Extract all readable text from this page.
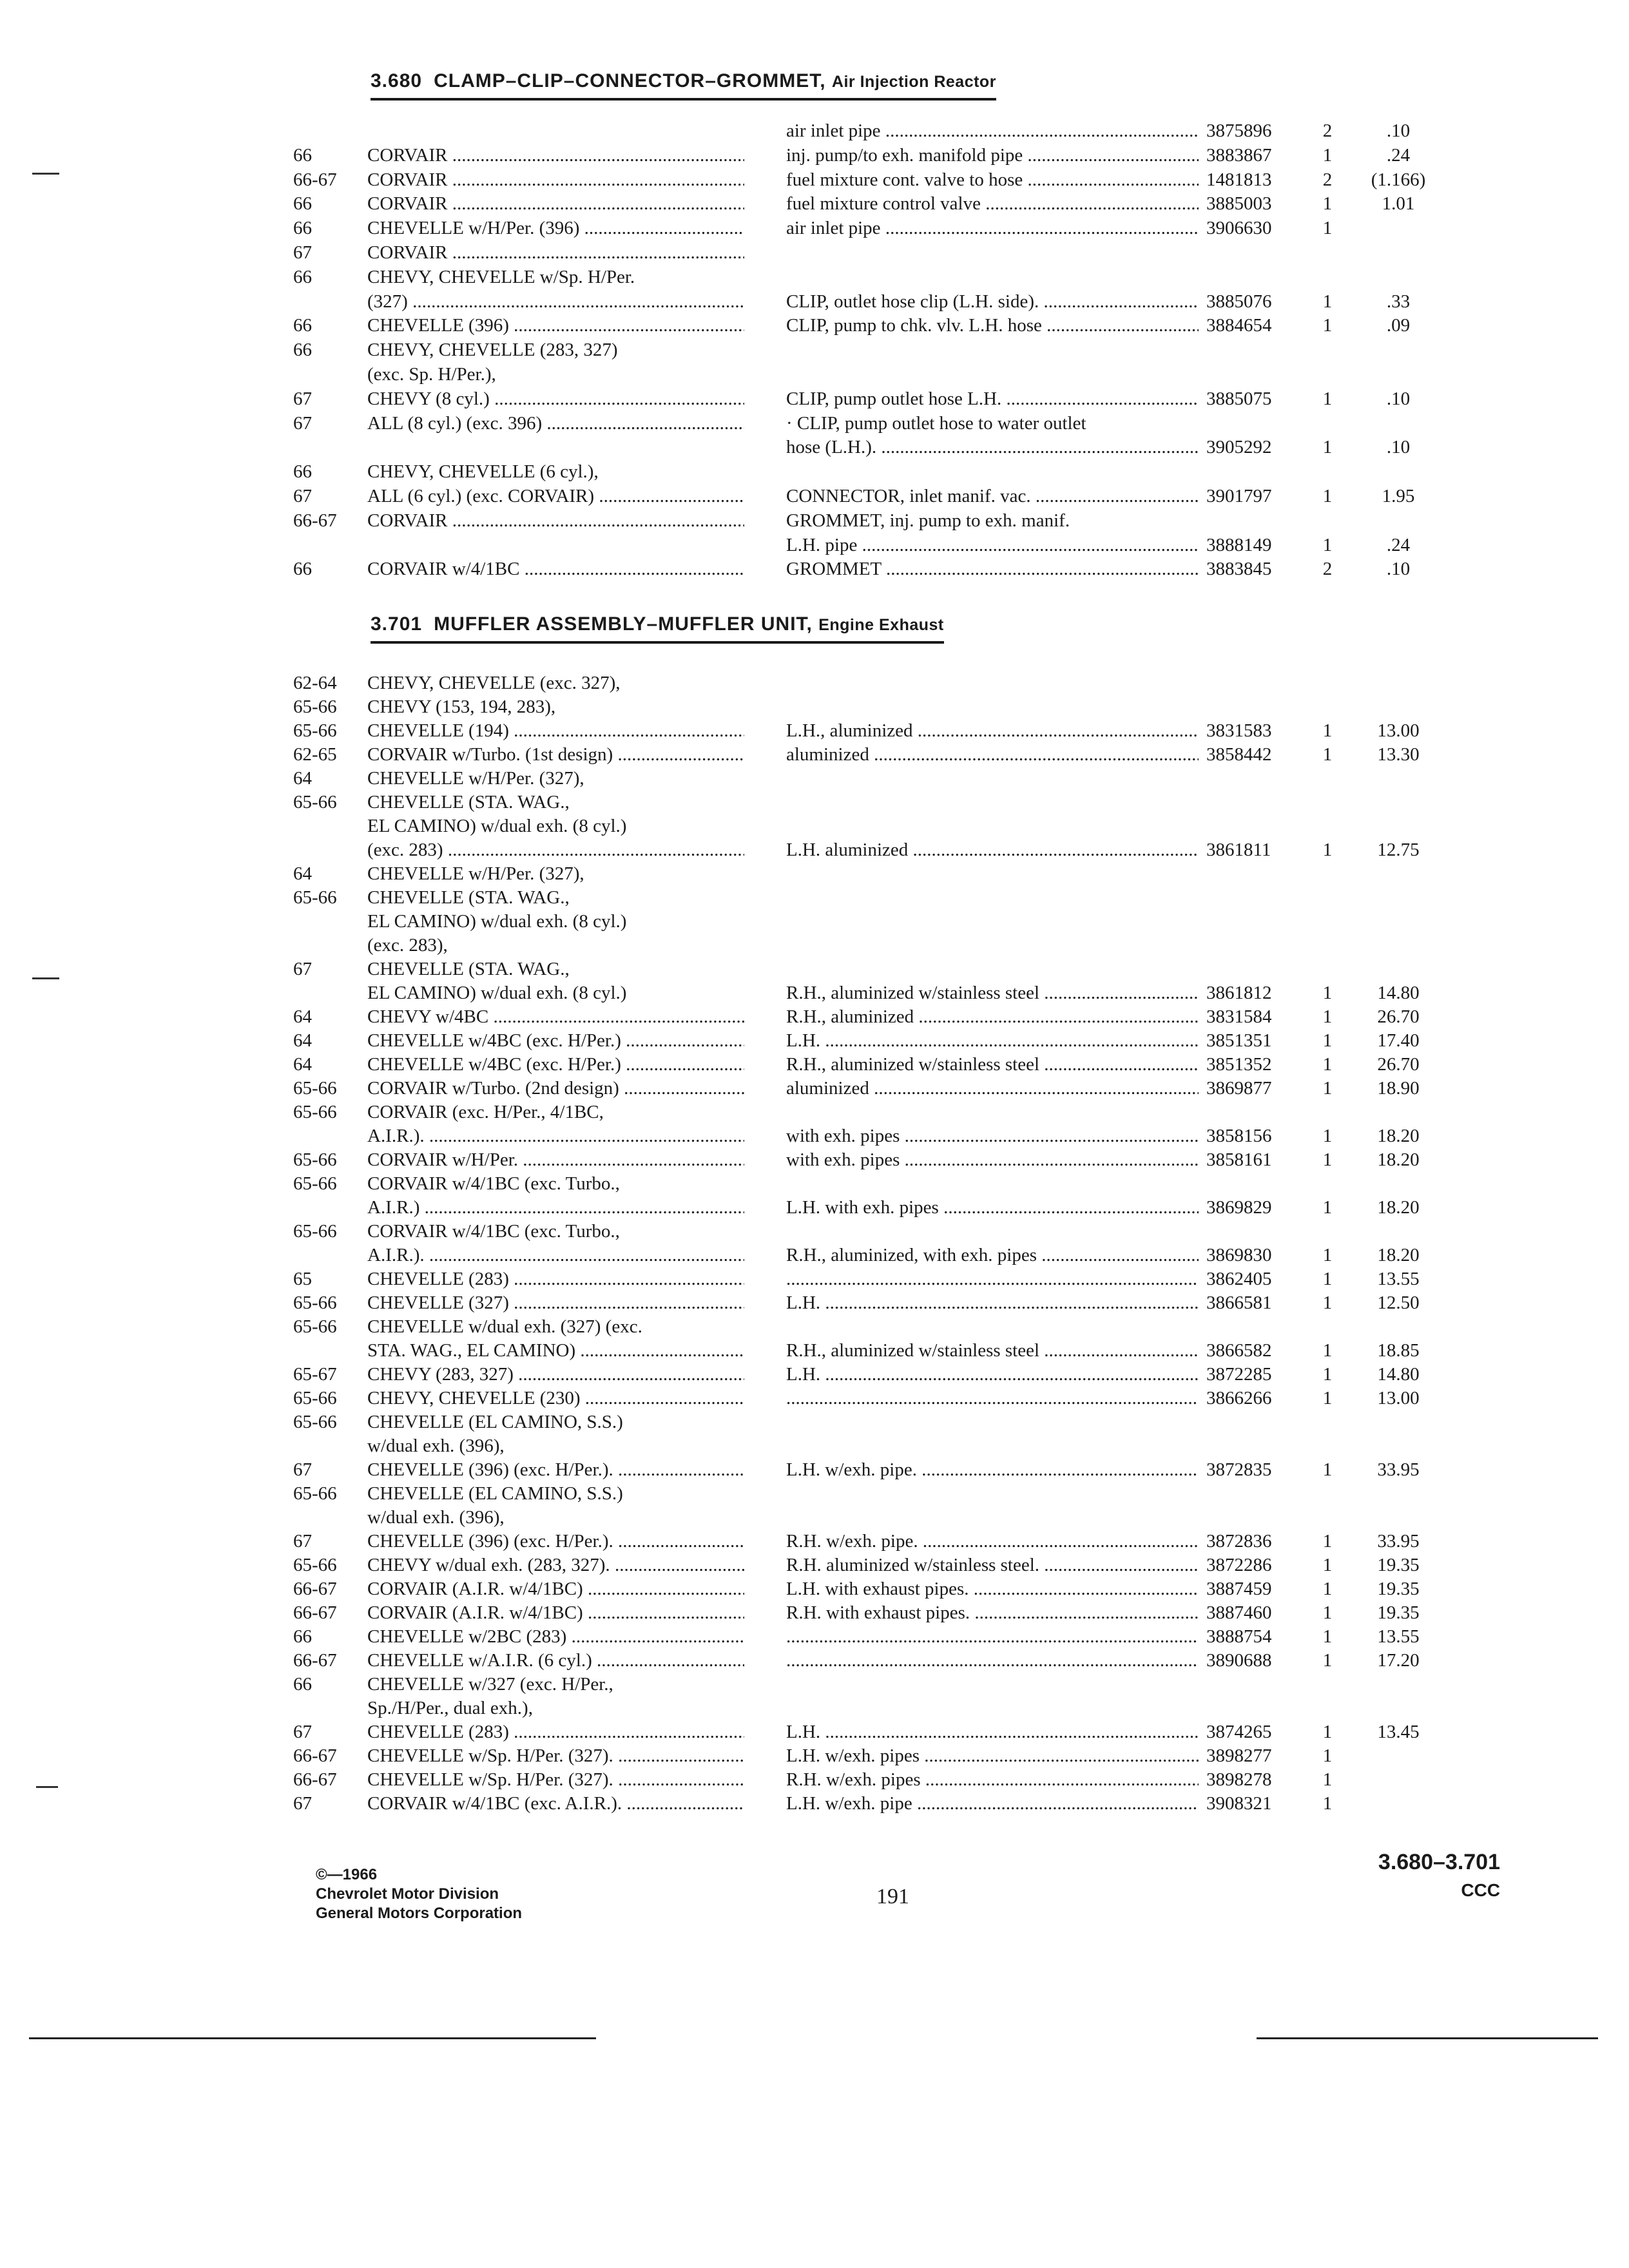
3.680 CLAMP–CLIP–CONNECTOR–GROMMET, Air Injection Reactor
air inlet pipe .....	3875896	2	.10
66	CORVAIR .....	inj. pump/to exh. manifold pipe .....	3883867	1	.24
66-67	CORVAIR .....	fuel mixture cont. valve to hose .....	1481813	2	(1.166)
66	CORVAIR .....	fuel mixture control valve .....	3885003	1	1.01
66	CHEVELLE w/H/Per. (396) .....	air inlet pipe .....	3906630	1
67	CORVAIR .....
66	CHEVY, CHEVELLE w/Sp. H/Per.
(327) .....	CLIP, outlet hose clip (L.H. side). .....	3885076	1	.33
66	CHEVELLE (396) .....	CLIP, pump to chk. vlv. L.H. hose .....	3884654	1	.09
66	CHEVY, CHEVELLE (283, 327)
(exc. Sp. H/Per.),
67	CHEVY (8 cyl.) .....	CLIP, pump outlet hose L.H. .....	3885075	1	.10
67	ALL (8 cyl.) (exc. 396) .....	· CLIP, pump outlet hose to water outlet
hose (L.H.). .....	3905292	1	.10
66	CHEVY, CHEVELLE (6 cyl.),
67	ALL (6 cyl.) (exc. CORVAIR) .....	CONNECTOR, inlet manif. vac. .....	3901797	1	1.95
66-67	CORVAIR .....	GROMMET, inj. pump to exh. manif.
L.H. pipe .....	3888149	1	.24
66	CORVAIR w/4/1BC .....	GROMMET .....	3883845	2	.10
3.701 MUFFLER ASSEMBLY–MUFFLER UNIT, Engine Exhaust
62-64	CHEVY, CHEVELLE (exc. 327),
65-66	CHEVY (153, 194, 283),
65-66	CHEVELLE (194) .....	L.H., aluminized .....	3831583	1	13.00
62-65	CORVAIR w/Turbo. (1st design) .....	aluminized .....	3858442	1	13.30
64	CHEVELLE w/H/Per. (327),
65-66	CHEVELLE (STA. WAG.,
EL CAMINO) w/dual exh. (8 cyl.)
(exc. 283) .....	L.H. aluminized .....	3861811	1	12.75
64	CHEVELLE w/H/Per. (327),
65-66	CHEVELLE (STA. WAG.,
EL CAMINO) w/dual exh. (8 cyl.)
(exc. 283),
67	CHEVELLE (STA. WAG.,
EL CAMINO) w/dual exh. (8 cyl.)	R.H., aluminized w/stainless steel .....	3861812	1	14.80
64	CHEVY w/4BC .....	R.H., aluminized .....	3831584	1	26.70
64	CHEVELLE w/4BC (exc. H/Per.) .....	L.H. .....	3851351	1	17.40
64	CHEVELLE w/4BC (exc. H/Per.) .....	R.H., aluminized w/stainless steel .....	3851352	1	26.70
65-66	CORVAIR w/Turbo. (2nd design) .....	aluminized .....	3869877	1	18.90
65-66	CORVAIR (exc. H/Per., 4/1BC,
A.I.R.). .....	with exh. pipes .....	3858156	1	18.20
65-66	CORVAIR w/H/Per. .....	with exh. pipes .....	3858161	1	18.20
65-66	CORVAIR w/4/1BC (exc. Turbo.,
A.I.R.) .....	L.H. with exh. pipes .....	3869829	1	18.20
65-66	CORVAIR w/4/1BC (exc. Turbo.,
A.I.R.). .....	R.H., aluminized, with exh. pipes .....	3869830	1	18.20
65	CHEVELLE (283) ..... .....	3862405	1	13.55
65-66	CHEVELLE (327) .....	L.H. .....	3866581	1	12.50
65-66	CHEVELLE w/dual exh. (327) (exc.
STA. WAG., EL CAMINO) .....	R.H., aluminized w/stainless steel .....	3866582	1	18.85
65-67	CHEVY (283, 327) .....	L.H. .....	3872285	1	14.80
65-66	CHEVY, CHEVELLE (230) ..... .....	3866266	1	13.00
65-66	CHEVELLE (EL CAMINO, S.S.)
w/dual exh. (396),
67	CHEVELLE (396) (exc. H/Per.). .....	L.H. w/exh. pipe. .....	3872835	1	33.95
65-66	CHEVELLE (EL CAMINO, S.S.)
w/dual exh. (396),
67	CHEVELLE (396) (exc. H/Per.). .....	R.H. w/exh. pipe. .....	3872836	1	33.95
65-66	CHEVY w/dual exh. (283, 327). .....	R.H. aluminized w/stainless steel. .....	3872286	1	19.35
66-67	CORVAIR (A.I.R. w/4/1BC) .....	L.H. with exhaust pipes. .....	3887459	1	19.35
66-67	CORVAIR (A.I.R. w/4/1BC) .....	R.H. with exhaust pipes. .....	3887460	1	19.35
66	CHEVELLE w/2BC (283) ..... .....	3888754	1	13.55
66-67	CHEVELLE w/A.I.R. (6 cyl.) ..... .....	3890688	1	17.20
66	CHEVELLE w/327 (exc. H/Per.,
Sp./H/Per., dual exh.),
67	CHEVELLE (283) .....	L.H. .....	3874265	1	13.45
66-67	CHEVELLE w/Sp. H/Per. (327). .....	L.H. w/exh. pipes .....	3898277	1
66-67	CHEVELLE w/Sp. H/Per. (327). .....	R.H. w/exh. pipes .....	3898278	1
67	CORVAIR w/4/1BC (exc. A.I.R.). .....	L.H. w/exh. pipe .....	3908321	1
©—1966
Chevrolet Motor Division
General Motors Corporation
191
3.680–3.701
CCC
